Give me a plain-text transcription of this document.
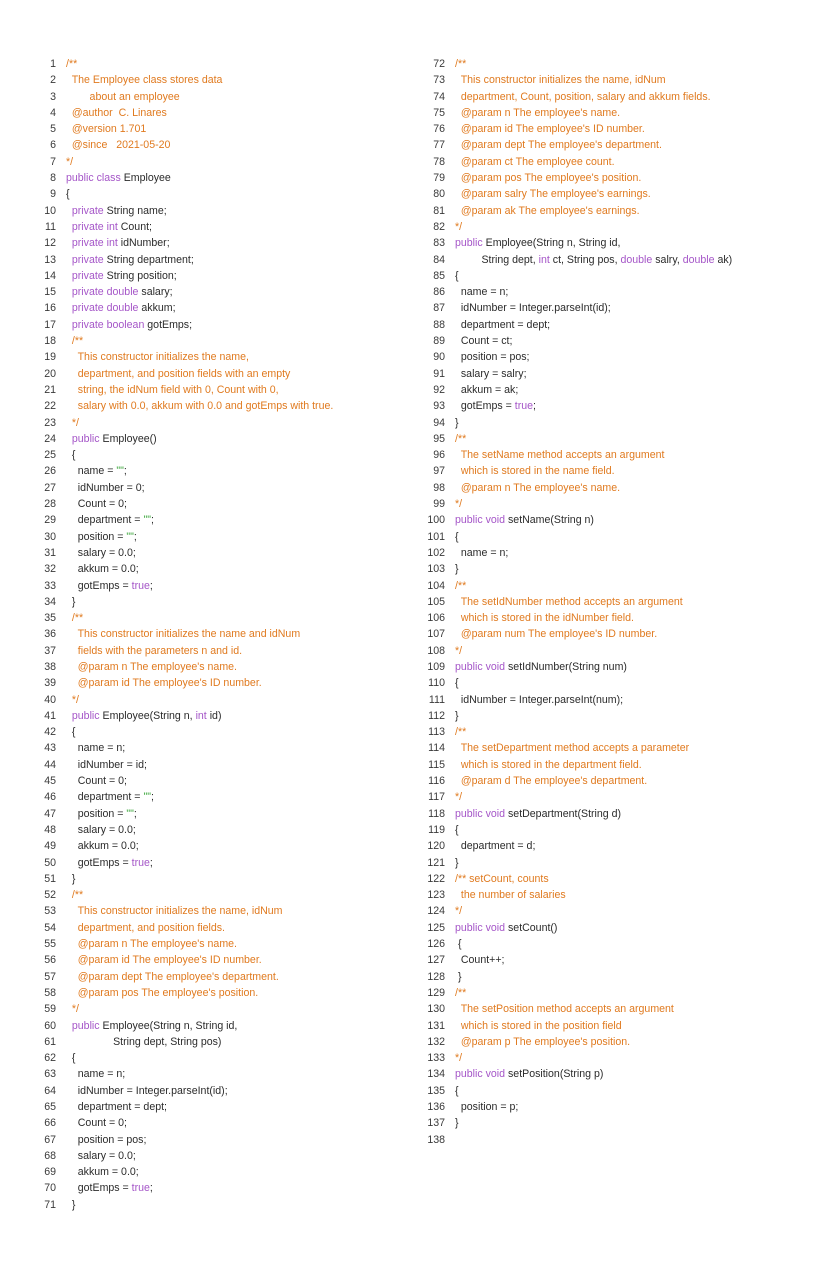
1 /**
2 The Employee class stores data
3 about an employee
4 @author  C. Linares
5 @version 1.701
6 @since   2021-05-20
7 */
8 public class Employee
9 {
10	private String name;
11	private int Count;
12	private int idNumber;
13	private String department;
14	private String position;
15	private double salary;
16	private double akkum;
17	private boolean gotEmps;
18 /**
19 This constructor initializes the name,
20 department, and position fields with an empty
21 string, the idNum field with 0, Count with 0,
22 salary with 0.0, akkum with 0.0 and gotEmps with true.
23 */
24	public Employee()
25 {
26 name = "";
27 idNumber = 0;
28 Count = 0;
29 department = "";
30 position = "";
31 salary = 0.0;
32 akkum = 0.0;
33 gotEmps = true;
34 }
35 /**
36 This constructor initializes the name and idNum
37 fields with the parameters n and id.
38 @param n The employee's name.
39 @param id The employee's ID number.
40 */
41	public Employee(String n, int id)
42 {
43 name = n;
44 idNumber = id;
45 Count = 0;
46 department = "";
47 position = "";
48 salary = 0.0;
49 akkum = 0.0;
50 gotEmps = true;
51 }
52 /**
53 This constructor initializes the name, idNum
54 department, and position fields.
55 @param n The employee's name.
56 @param id The employee's ID number.
57 @param dept The employee's department.
58 @param pos The employee's position.
59 */
60	public Employee(String n, String id,
61 String dept, String pos)
62 {
63 name = n;
64 idNumber = Integer.parseInt(id);
65 department = dept;
66 Count = 0;
67 position = pos;
68 salary = 0.0;
69 akkum = 0.0;
70 gotEmps = true;
71 }
72 /**
73 This constructor initializes the name, idNum
74 department, Count, position, salary and akkum fields.
75 @param n The employee's name.
76 @param id The employee's ID number.
77 @param dept The employee's department.
78 @param ct The employee count.
79 @param pos The employee's position.
80 @param salry The employee's earnings.
81 @param ak The employee's earnings.
82 */
83 public Employee(String n, String id,
84 String dept, int ct, String pos, double salry, double ak)
85 {
86 name = n;
87 idNumber = Integer.parseInt(id);
88 department = dept;
89 Count = ct;
90 position = pos;
91 salary = salry;
92 akkum = ak;
93 gotEmps = true;
94 }
95 /**
96 The setName method accepts an argument
97 which is stored in the name field.
98 @param n The employee's name.
99 */
100 public void setName(String n)
101 {
102 name = n;
103 }
104 /**
105 The setIdNumber method accepts an argument
106 which is stored in the idNumber field.
107 @param num The employee's ID number.
108 */
109 public void setIdNumber(String num)
110 {
111 idNumber = Integer.parseInt(num);
112 }
113 /**
114 The setDepartment method accepts a parameter
115 which is stored in the department field.
116 @param d The employee's department.
117 */
118 public void setDepartment(String d)
119 {
120 department = d;
121 }
122 /** setCount, counts
123 the number of salaries
124 */
125 public void setCount()
126 {
127 Count++;
128 }
129 /**
130 The setPosition method accepts an argument
131 which is stored in the position field
132 @param p The employee's position.
133 */
134 public void setPosition(String p)
135 {
136 position = p;
137 }
138
